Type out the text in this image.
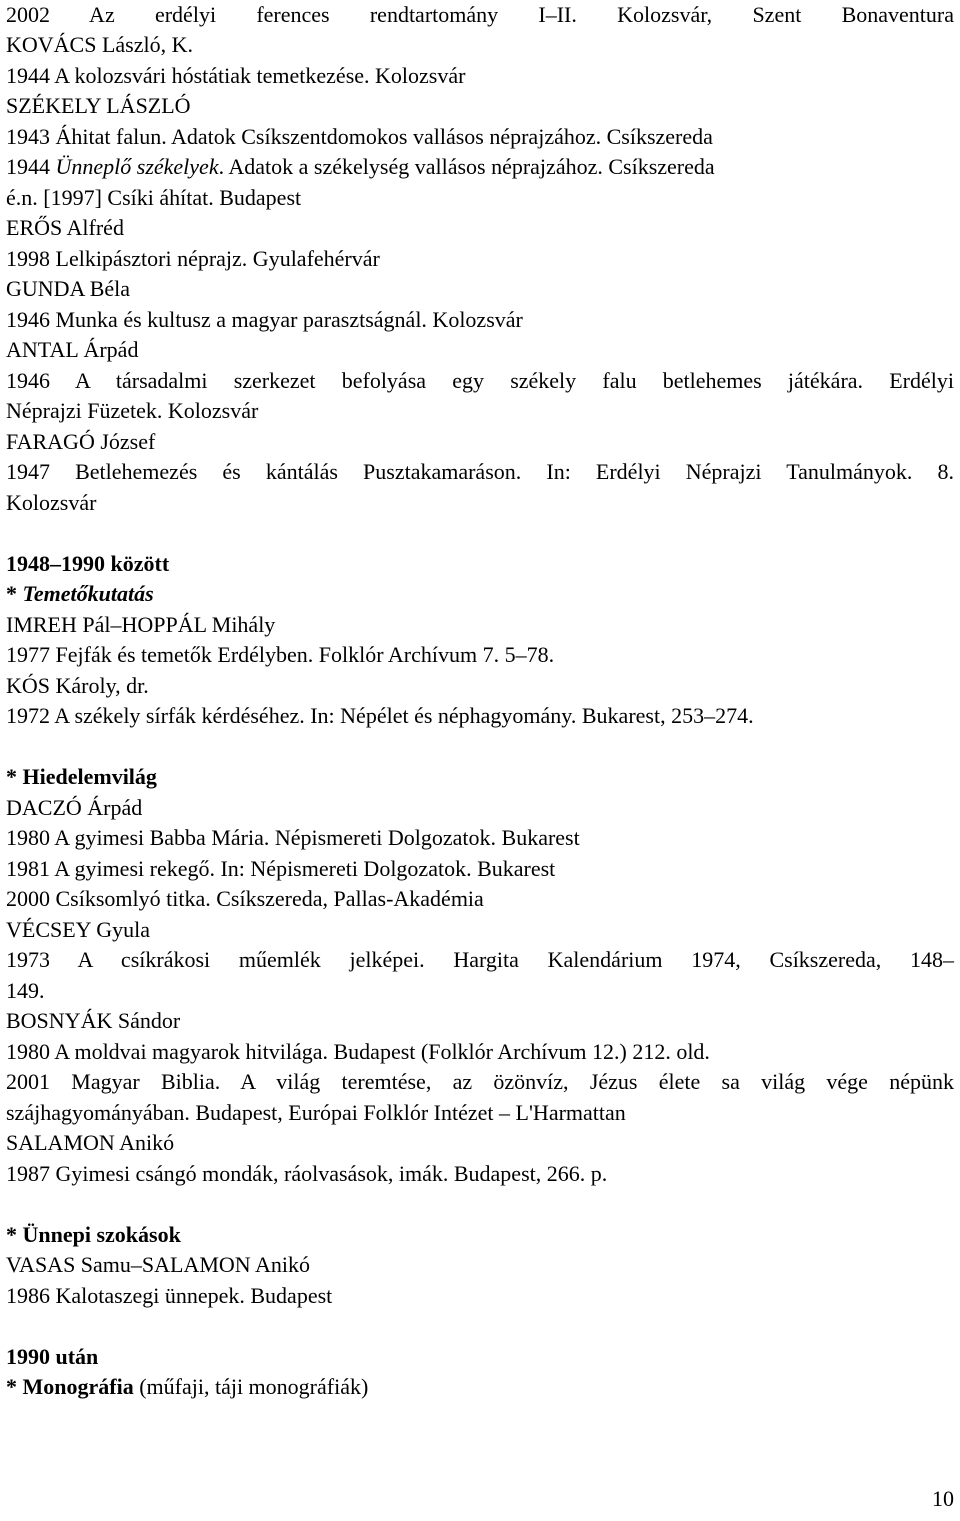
2002 Az erdélyi ferences rendtartomány I–II. Kolozsvár, Szent Bonaventura
KOVÁCS László, K.
1944 A kolozsvári hóstátiak temetkezése. Kolozsvár
SZÉKELY LÁSZLÓ
1943 Áhitat falun. Adatok Csíkszentdomokos vallásos néprajzához. Csíkszereda
1944 Ünneplő székelyek. Adatok a székelység vallásos néprajzához. Csíkszereda
é.n. [1997] Csíki áhítat. Budapest
ERŐS Alfréd
1998 Lelkipásztori néprajz. Gyulafehérvár
GUNDA Béla
1946 Munka és kultusz a magyar parasztságnál. Kolozsvár
ANTAL Árpád
1946 A társadalmi szerkezet befolyása egy székely falu betlehemes játékára. Erdélyi
Néprajzi Füzetek. Kolozsvár
FARAGÓ József
1947 Betlehemezés és kántálás Pusztakamaráson. In: Erdélyi Néprajzi Tanulmányok. 8.
Kolozsvár
1948–1990 között
* Temetőkutatás
IMREH Pál–HOPPÁL Mihály
1977 Fejfák és temetők Erdélyben. Folklór Archívum 7. 5–78.
KÓS Károly, dr.
1972 A székely sírfák kérdéséhez. In: Népélet és néphagyomány. Bukarest, 253–274.
* Hiedelemvilág
DACZÓ Árpád
1980 A gyimesi Babba Mária. Népismereti Dolgozatok. Bukarest
1981 A gyimesi rekegő. In: Népismereti Dolgozatok. Bukarest
2000 Csíksomlyó titka. Csíkszereda, Pallas-Akadémia
VÉCSEY Gyula
1973 A csíkrákosi műemlék jelképei. Hargita Kalendárium 1974, Csíkszereda, 148–
149.
BOSNYÁK Sándor
1980 A moldvai magyarok hitvilága. Budapest (Folklór Archívum 12.) 212. old.
2001 Magyar Biblia. A világ teremtése, az özönvíz, Jézus élete sa világ vége népünk
szájhagyományában. Budapest, Európai Folklór Intézet – L'Harmattan
SALAMON Anikó
1987 Gyimesi csángó mondák, ráolvasások, imák. Budapest, 266. p.
* Ünnepi szokások
VASAS Samu–SALAMON Anikó
1986 Kalotaszegi ünnepek. Budapest
1990 után
* Monográfia (műfaji, táji monográfiák)
10
